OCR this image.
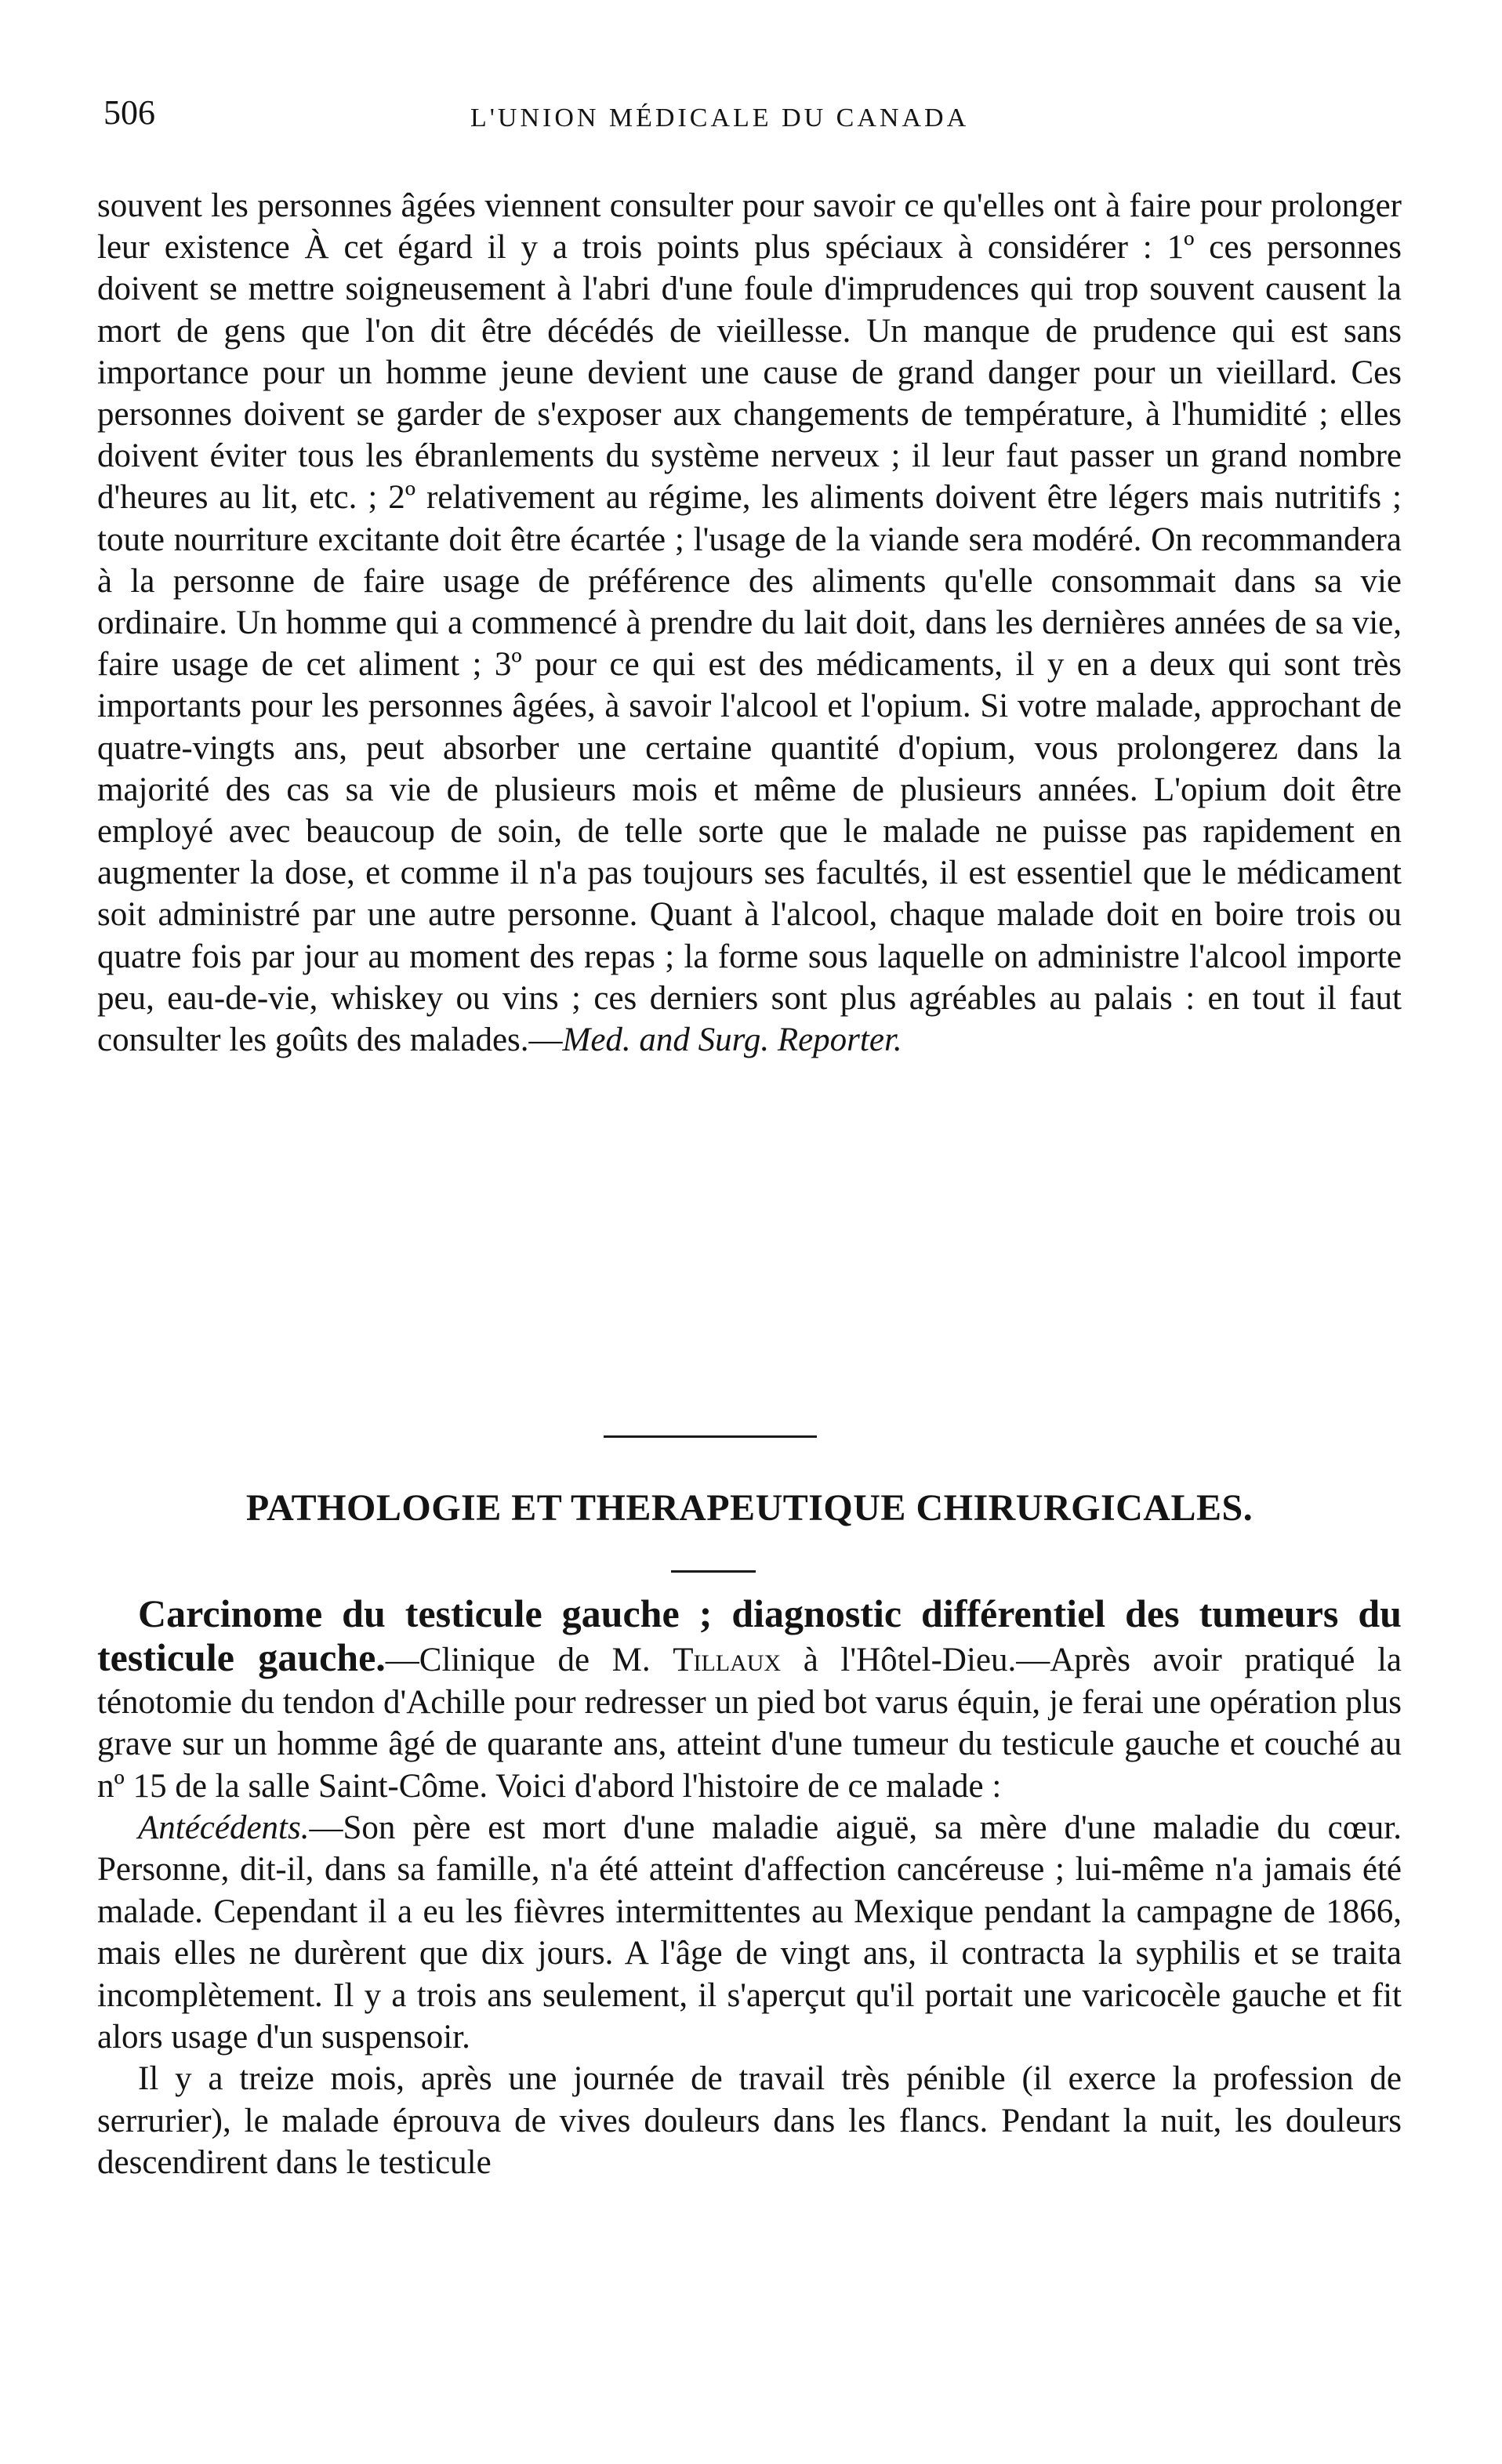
506	L'UNION MÉDICALE DU CANADA

souvent les personnes âgées viennent consulter pour savoir ce qu'elles ont à faire pour prolonger leur existence À cet égard il y a trois points plus spéciaux à considérer : 1º ces personnes doivent se mettre soigneusement à l'abri d'une foule d'imprudences qui trop souvent causent la mort de gens que l'on dit être décédés de vieillesse. Un manque de prudence qui est sans importance pour un homme jeune devient une cause de grand danger pour un vieillard. Ces personnes doivent se garder de s'exposer aux changements de température, à l'humidité ; elles doivent éviter tous les ébranlements du système nerveux ; il leur faut passer un grand nombre d'heures au lit, etc. ; 2º relativement au régime, les aliments doivent être légers mais nutritifs ; toute nourriture excitante doit être écartée ; l'usage de la viande sera modéré. On recommandera à la personne de faire usage de préférence des aliments qu'elle consommait dans sa vie ordinaire. Un homme qui a commencé à prendre du lait doit, dans les dernières années de sa vie, faire usage de cet aliment ; 3º pour ce qui est des médicaments, il y en a deux qui sont très importants pour les personnes âgées, à savoir l'alcool et l'opium. Si votre malade, approchant de quatre-vingts ans, peut absorber une certaine quantité d'opium, vous prolongerez dans la majorité des cas sa vie de plusieurs mois et même de plusieurs années. L'opium doit être employé avec beaucoup de soin, de telle sorte que le malade ne puisse pas rapidement en augmenter la dose, et comme il n'a pas toujours ses facultés, il est essentiel que le médicament soit administré par une autre personne. Quant à l'alcool, chaque malade doit en boire trois ou quatre fois par jour au moment des repas ; la forme sous laquelle on administre l'alcool importe peu, eau-de-vie, whiskey ou vins ; ces derniers sont plus agréables au palais : en tout il faut consulter les goûts des malades.—Med. and Surg. Reporter.

PATHOLOGIE ET THERAPEUTIQUE CHIRURGICALES.

Carcinome du testicule gauche ; diagnostic différentiel des tumeurs du testicule gauche.—Clinique de M. Tillaux à l'Hôtel-Dieu.—Après avoir pratiqué la ténotomie du tendon d'Achille pour redresser un pied bot varus équin, je ferai une opération plus grave sur un homme âgé de quarante ans, atteint d'une tumeur du testicule gauche et couché au nº 15 de la salle Saint-Côme. Voici d'abord l'histoire de ce malade :

Antécédents.—Son père est mort d'une maladie aiguë, sa mère d'une maladie du cœur. Personne, dit-il, dans sa famille, n'a été atteint d'affection cancéreuse ; lui-même n'a jamais été malade. Cependant il a eu les fièvres intermittentes au Mexique pendant la campagne de 1866, mais elles ne durèrent que dix jours. A l'âge de vingt ans, il contracta la syphilis et se traita incomplètement. Il y a trois ans seulement, il s'aperçut qu'il portait une varicocèle gauche et fit alors usage d'un suspensoir.

Il y a treize mois, après une journée de travail très pénible (il exerce la profession de serrurier), le malade éprouva de vives douleurs dans les flancs. Pendant la nuit, les douleurs descendirent dans le testicule
